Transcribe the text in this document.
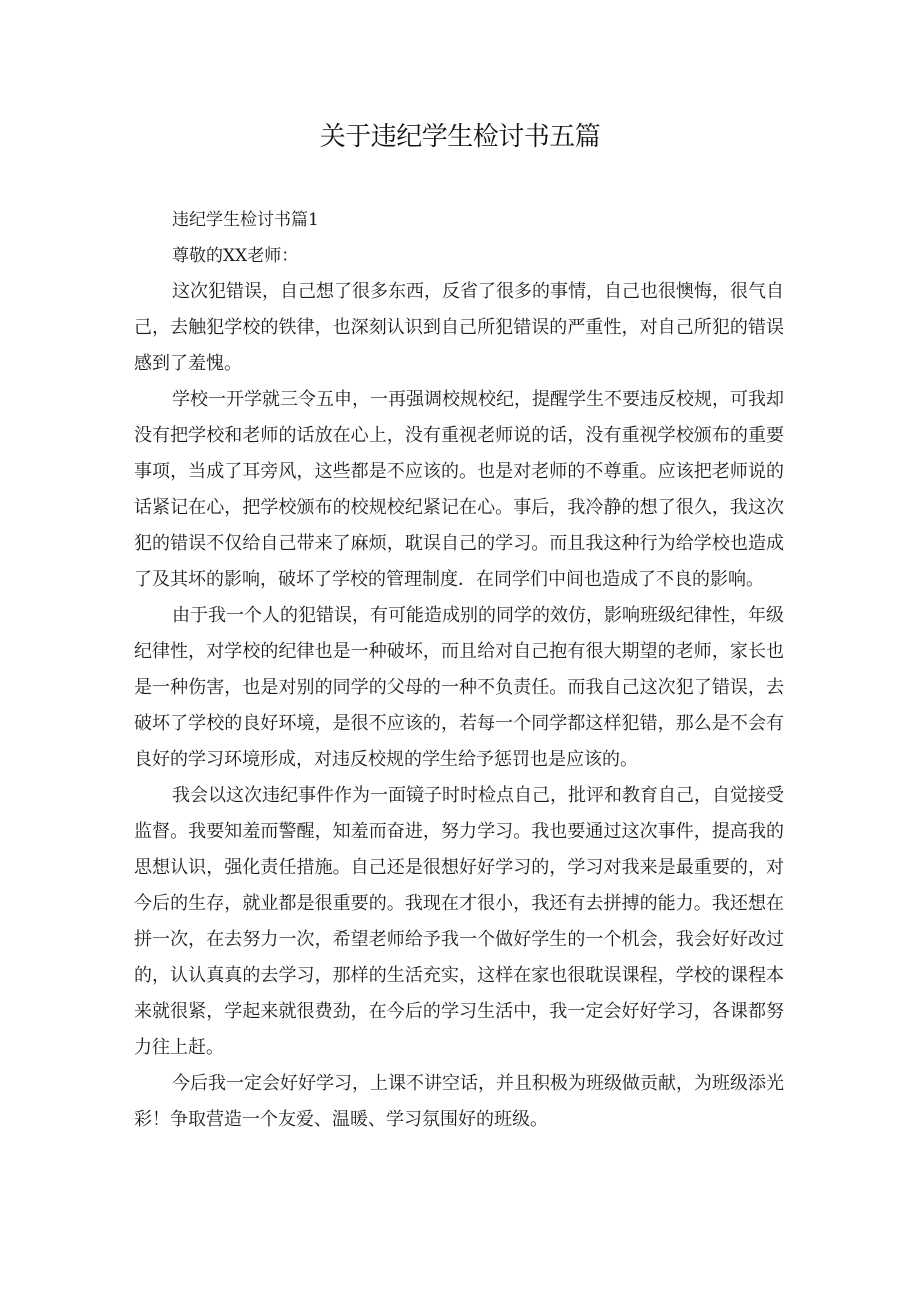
关于违纪学生检讨书五篇

违纪学生检讨书篇1

尊敬的XX老师：

这次犯错误，自己想了很多东西，反省了很多的事情，自己也很懊悔，很气自己，去触犯学校的铁律，也深刻认识到自己所犯错误的严重性，对自己所犯的错误感到了羞愧。

学校一开学就三令五申，一再强调校规校纪，提醒学生不要违反校规，可我却没有把学校和老师的话放在心上，没有重视老师说的话，没有重视学校颁布的重要事项，当成了耳旁风，这些都是不应该的。也是对老师的不尊重。应该把老师说的话紧记在心，把学校颁布的校规校纪紧记在心。事后，我冷静的想了很久，我这次犯的错误不仅给自己带来了麻烦，耽误自己的学习。而且我这种行为给学校也造成了及其坏的影响，破坏了学校的管理制度．在同学们中间也造成了不良的影响。

由于我一个人的犯错误，有可能造成别的同学的效仿，影响班级纪律性，年级纪律性，对学校的纪律也是一种破坏，而且给对自己抱有很大期望的老师，家长也是一种伤害，也是对别的同学的父母的一种不负责任。而我自己这次犯了错误，去破坏了学校的良好环境，是很不应该的，若每一个同学都这样犯错，那么是不会有良好的学习环境形成，对违反校规的学生给予惩罚也是应该的。

我会以这次违纪事件作为一面镜子时时检点自己，批评和教育自己，自觉接受监督。我要知羞而警醒，知羞而奋进，努力学习。我也要通过这次事件，提高我的思想认识，强化责任措施。自己还是很想好好学习的，学习对我来是最重要的，对今后的生存，就业都是很重要的。我现在才很小，我还有去拼搏的能力。我还想在拼一次，在去努力一次，希望老师给予我一个做好学生的一个机会，我会好好改过的，认认真真的去学习，那样的生活充实，这样在家也很耽误课程，学校的课程本来就很紧，学起来就很费劲，在今后的学习生活中，我一定会好好学习，各课都努力往上赶。

今后我一定会好好学习，上课不讲空话，并且积极为班级做贡献，为班级添光彩！争取营造一个友爱、温暖、学习氛围好的班级。
